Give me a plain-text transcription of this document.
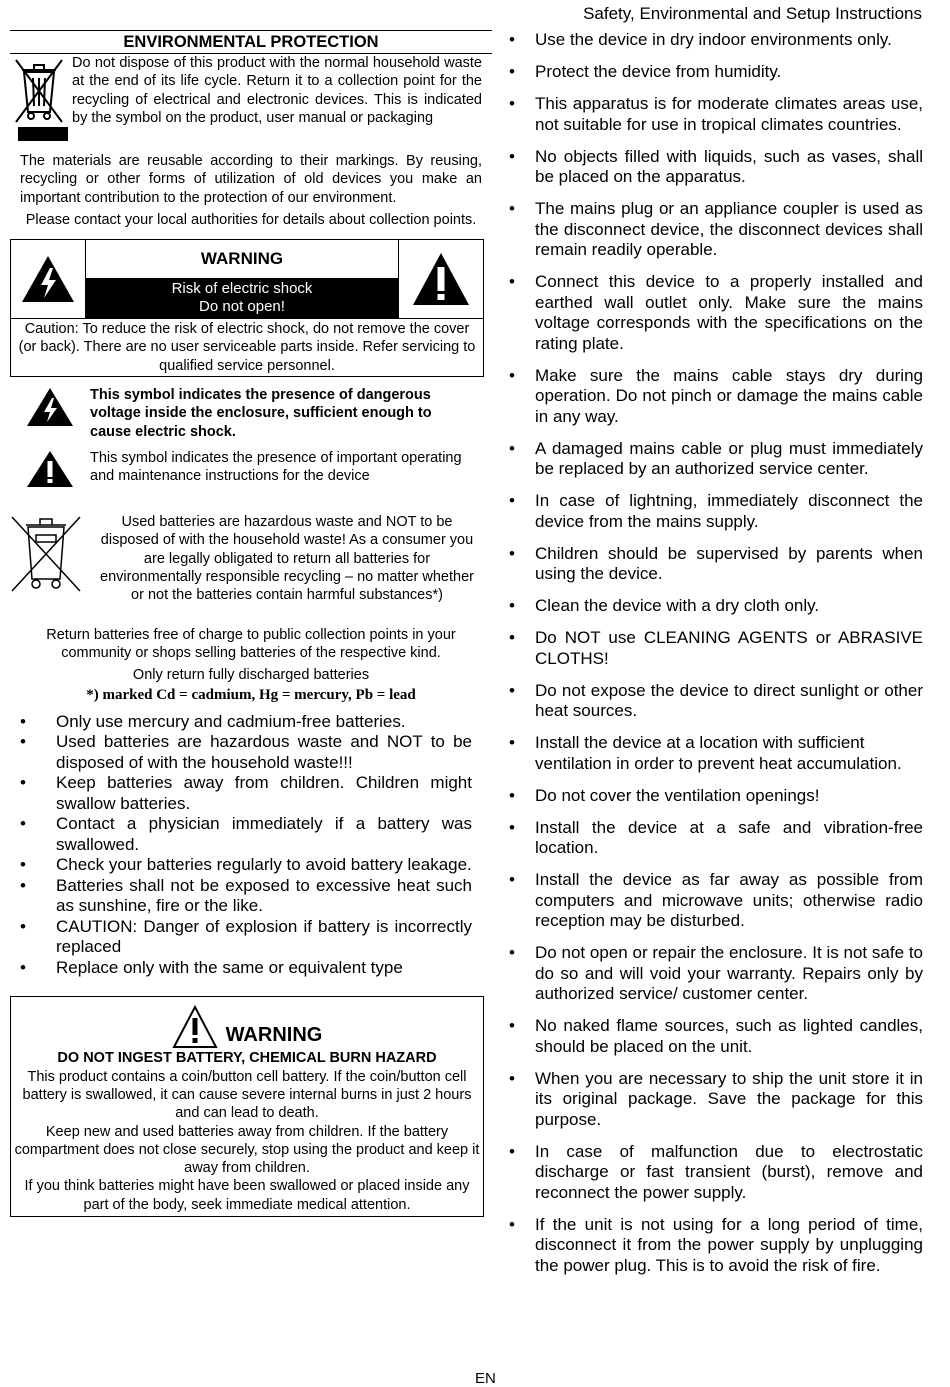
Safety, Environmental and Setup Instructions
ENVIRONMENTAL PROTECTION
Do not dispose of this product with the normal household waste at the end of its life cycle. Return it to a collection point for the recycling of electrical and electronic devices. This is indicated by the symbol on the product, user manual or packaging
The materials are reusable according to their markings. By reusing, recycling or other forms of utilization of old devices you make an important contribution to the protection of our environment.
Please contact your local authorities for details about collection points.
WARNING
Risk of electric shock
Do not open!
Caution: To reduce the risk of electric shock, do not remove the cover (or back). There are no user serviceable parts inside. Refer servicing to qualified service personnel.
This symbol indicates the presence of dangerous voltage inside the enclosure, sufficient enough to cause electric shock.
This symbol indicates the presence of important operating and maintenance instructions for the device
Used batteries are hazardous waste and NOT to be disposed of with the household waste! As a consumer you are legally obligated to return all batteries for environmentally responsible recycling – no matter whether or not the batteries contain harmful substances*)
Return batteries free of charge to public collection points in your community or shops selling batteries of the respective kind.
Only return fully discharged batteries
*) marked Cd = cadmium, Hg = mercury, Pb = lead
• Only use mercury and cadmium-free batteries.
• Used batteries are hazardous waste and NOT to be disposed of with the household waste!!!
• Keep batteries away from children. Children might swallow batteries.
• Contact a physician immediately if a battery was swallowed.
• Check your batteries regularly to avoid battery leakage.
• Batteries shall not be exposed to excessive heat such as sunshine, fire or the like.
• CAUTION: Danger of explosion if battery is incorrectly replaced
• Replace only with the same or equivalent type
WARNING
DO NOT INGEST BATTERY, CHEMICAL BURN HAZARD
This product contains a coin/button cell battery. If the coin/button cell battery is swallowed, it can cause severe internal burns in just 2 hours and can lead to death.
Keep new and used batteries away from children. If the battery compartment does not close securely, stop using the product and keep it away from children.
If you think batteries might have been swallowed or placed inside any part of the body, seek immediate medical attention.
• Use the device in dry indoor environments only.
• Protect the device from humidity.
• This apparatus is for moderate climates areas use, not suitable for use in tropical climates countries.
• No objects filled with liquids, such as vases, shall be placed on the apparatus.
• The mains plug or an appliance coupler is used as the disconnect device, the disconnect devices shall remain readily operable.
• Connect this device to a properly installed and earthed wall outlet only. Make sure the mains voltage corresponds with the specifications on the rating plate.
• Make sure the mains cable stays dry during operation. Do not pinch or damage the mains cable in any way.
• A damaged mains cable or plug must immediately be replaced by an authorized service center.
• In case of lightning, immediately disconnect the device from the mains supply.
• Children should be supervised by parents when using the device.
• Clean the device with a dry cloth only.
• Do NOT use CLEANING AGENTS or ABRASIVE CLOTHS!
• Do not expose the device to direct sunlight or other heat sources.
• Install the device at a location with sufficient ventilation in order to prevent heat accumulation.
• Do not cover the ventilation openings!
• Install the device at a safe and vibration-free location.
• Install the device as far away as possible from computers and microwave units; otherwise radio reception may be disturbed.
• Do not open or repair the enclosure. It is not safe to do so and will void your warranty. Repairs only by authorized service/ customer center.
• No naked flame sources, such as lighted candles, should be placed on the unit.
• When you are necessary to ship the unit store it in its original package. Save the package for this purpose.
• In case of malfunction due to electrostatic discharge or fast transient (burst), remove and reconnect the power supply.
• If the unit is not using for a long period of time, disconnect it from the power supply by unplugging the power plug. This is to avoid the risk of fire.
EN
